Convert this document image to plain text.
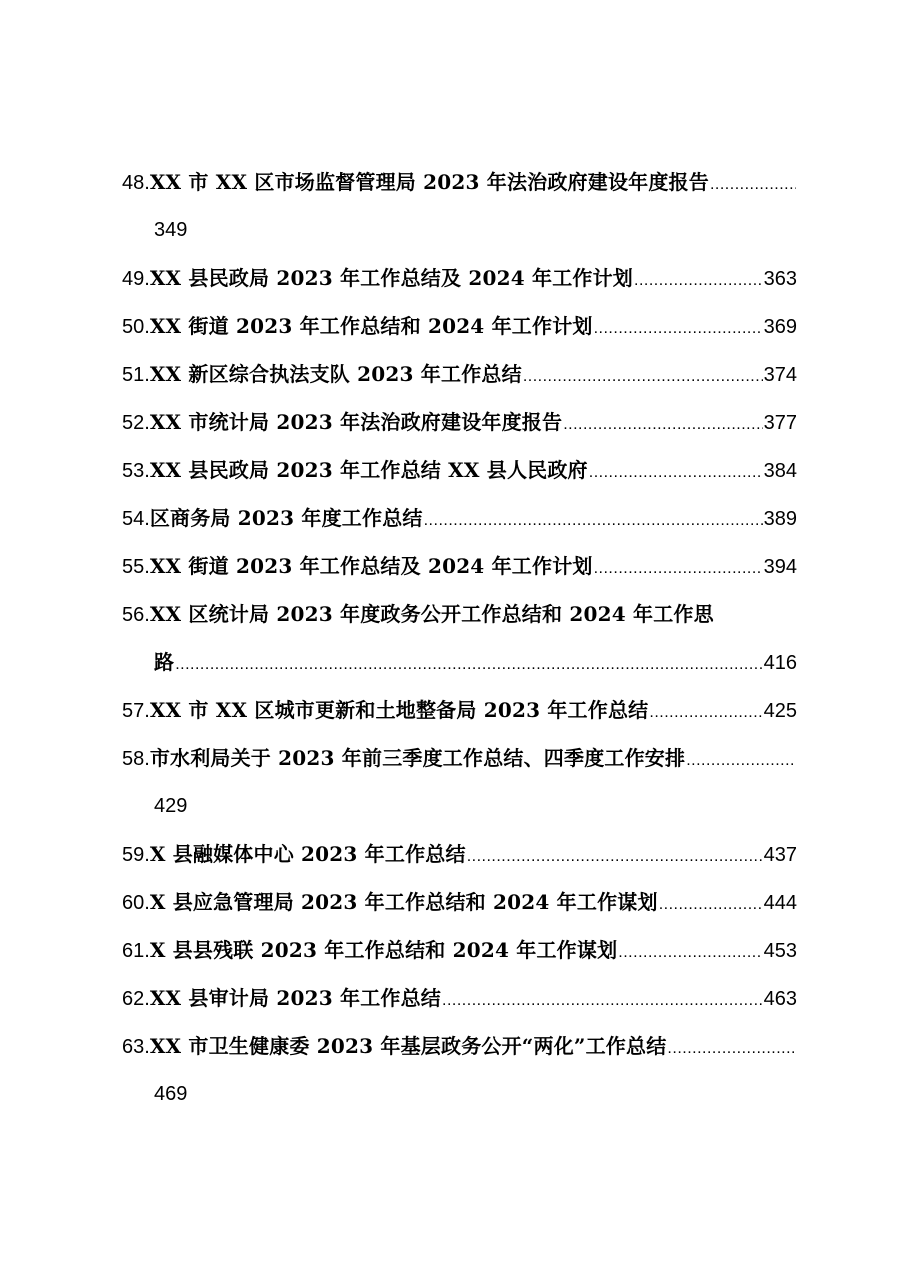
48. XX 市 XX 区市场监督管理局 2023 年法治政府建设年度报告
.....
349
49. XX 县民政局 2023 年工作总结及 2024 年工作计划 .....	363
50. XX 街道 2023 年工作总结和 2024 年工作计划 .....	369
51. XX 新区综合执法支队 2023 年工作总结 .....	374
52. XX 市统计局 2023 年法治政府建设年度报告 .....	377
53. XX 县民政局 2023 年工作总结 XX 县人民政府 .....	384
54. 区商务局 2023 年度工作总结 .....	389
55. XX 街道 2023 年工作总结及 2024 年工作计划 .....	394
56. XX 区统计局 2023 年度政务公开工作总结和 2024 年工作思
路 .....	416
57. XX 市 XX 区城市更新和土地整备局 2023 年工作总结 .....	425
58. 市水利局关于 2023 年前三季度工作总结、四季度工作安排
.....
429
59. X 县融媒体中心 2023 年工作总结 .....	437
60. X 县应急管理局 2023 年工作总结和 2024 年工作谋划 .....	444
61. X 县县残联 2023 年工作总结和 2024 年工作谋划 .....	453
62. XX 县审计局 2023 年工作总结 .....	463
63. XX 市卫生健康委 2023 年基层政务公开“两化”工作总结
.....
469
